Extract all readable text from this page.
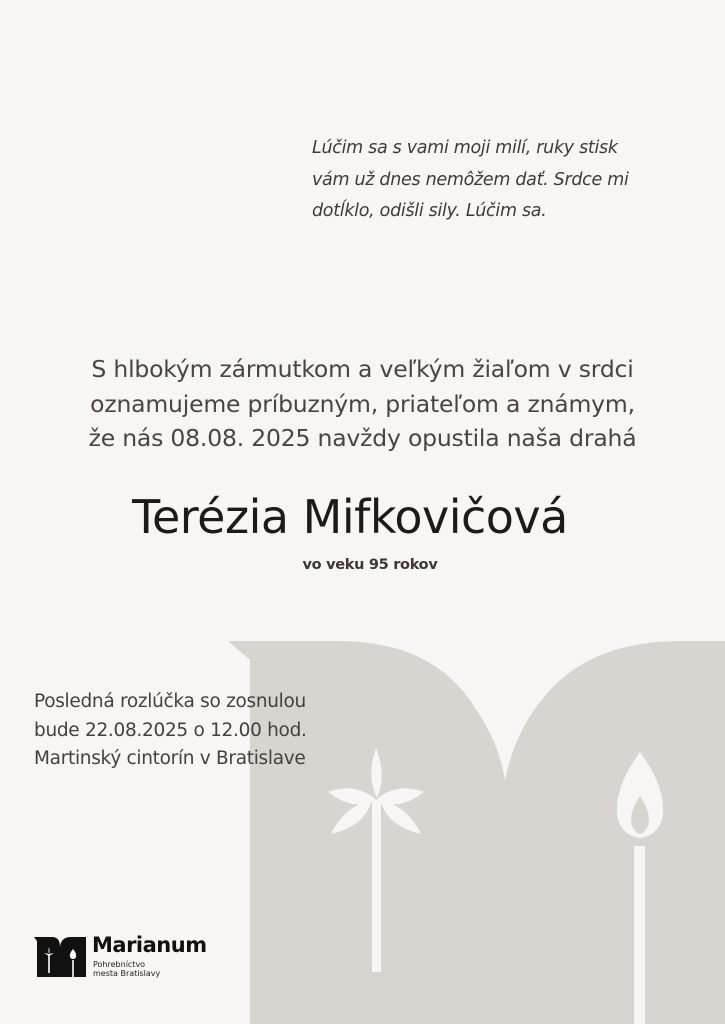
Lúčim sa s vami moji milí, ruky stisk
vám už dnes nemôžem dať. Srdce mi
dotĺklo, odišli sily. Lúčim sa.
S hlbokým zármutkom a veľkým žiaľom v srdci
oznamujeme príbuzným, priateľom a známym,
že nás 08.08. 2025 navždy opustila naša drahá
Terézia Mifkovičová
vo veku 95 rokov
Posledná rozlúčka so zosnulou
bude 22.08.2025 o 12.00 hod.
Martinský cintorín v Bratislave
Marianum
Pohrebníctvo
mesta Bratislavy
